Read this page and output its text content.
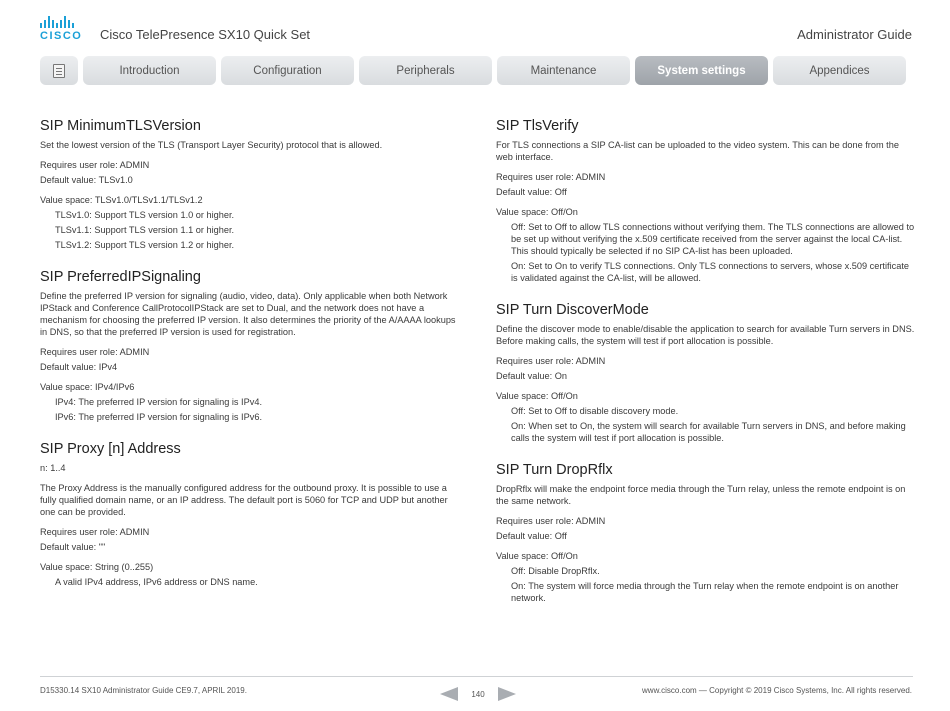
CISCO Cisco TelePresence SX10 Quick Set	Administrator Guide
Introduction	Configuration	Peripherals	Maintenance	System settings	Appendices
SIP MinimumTLSVersion

Set the lowest version of the TLS (Transport Layer Security) protocol that is allowed.

Requires user role: ADMIN

Default value: TLSv1.0

Value space: TLSv1.0/TLSv1.1/TLSv1.2

TLSv1.0: Support TLS version 1.0 or higher.

TLSv1.1: Support TLS version 1.1 or higher.

TLSv1.2: Support TLS version 1.2 or higher.

SIP PreferredIPSignaling

Define the preferred IP version for signaling (audio, video, data). Only applicable when both Network IPStack and Conference CallProtocolIPStack are set to Dual, and the network does not have a mechanism for choosing the preferred IP version. It also determines the priority of the A/AAAA lookups in DNS, so that the preferred IP version is used for registration.

Requires user role: ADMIN

Default value: IPv4

Value space: IPv4/IPv6

IPv4: The preferred IP version for signaling is IPv4.

IPv6: The preferred IP version for signaling is IPv6.

SIP Proxy [n] Address

n: 1..4

The Proxy Address is the manually configured address for the outbound proxy. It is possible to use a fully qualified domain name, or an IP address. The default port is 5060 for TCP and UDP but another one can be provided.

Requires user role: ADMIN

Default value: ""

Value space: String (0..255)

A valid IPv4 address, IPv6 address or DNS name.

SIP TlsVerify

For TLS connections a SIP CA-list can be uploaded to the video system. This can be done from the web interface.

Requires user role: ADMIN

Default value: Off

Value space: Off/On

Off: Set to Off to allow TLS connections without verifying them. The TLS connections are allowed to be set up without verifying the x.509 certificate received from the server against the local CA-list. This should typically be selected if no SIP CA-list has been uploaded.

On: Set to On to verify TLS connections. Only TLS connections to servers, whose x.509 certificate is validated against the CA-list, will be allowed.

SIP Turn DiscoverMode

Define the discover mode to enable/disable the application to search for available Turn servers in DNS. Before making calls, the system will test if port allocation is possible.

Requires user role: ADMIN

Default value: On

Value space: Off/On

Off: Set to Off to disable discovery mode.

On: When set to On, the system will search for available Turn servers in DNS, and before making calls the system will test if port allocation is possible.

SIP Turn DropRflx

DropRflx will make the endpoint force media through the Turn relay, unless the remote endpoint is on the same network.

Requires user role: ADMIN

Default value: Off

Value space: Off/On

Off: Disable DropRflx.

On: The system will force media through the Turn relay when the remote endpoint is on another network.

D15330.14 SX10 Administrator Guide CE9.7, APRIL 2019.	140	www.cisco.com — Copyright © 2019 Cisco Systems, Inc. All rights reserved.
